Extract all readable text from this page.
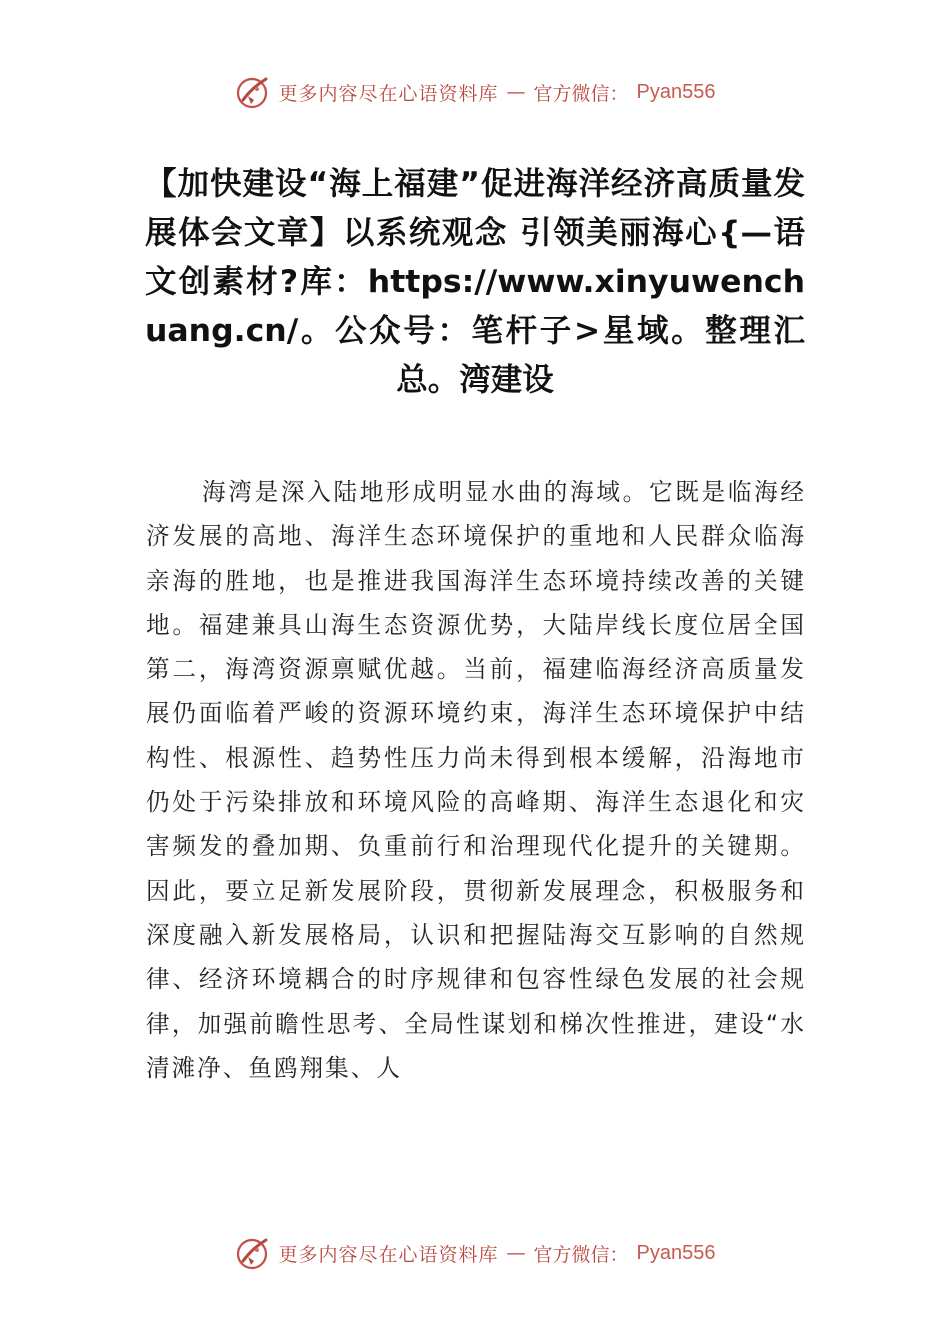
更多内容尽在心语资料库 — 官方微信： Pyan556
【加快建设“海上福建”促进海洋经济高质量发展体会文章】以系统观念 引领美丽海心{—语文创素材?库：https://www.xinyuwenchuang.cn/。公众号：笔杆子>星域。整理汇总。湾建设

海湾是深入陆地形成明显水曲的海域。它既是临海经济发展的高地、海洋生态环境保护的重地和人民群众临海亲海的胜地，也是推进我国海洋生态环境持续改善的关键地。福建兼具山海生态资源优势，大陆岸线长度位居全国第二，海湾资源禀赋优越。当前，福建临海经济高质量发展仍面临着严峻的资源环境约束，海洋生态环境保护中结构性、根源性、趋势性压力尚未得到根本缓解，沿海地市仍处于污染排放和环境风险的高峰期、海洋生态退化和灾害频发的叠加期、负重前行和治理现代化提升的关键期。因此，要立足新发展阶段，贯彻新发展理念，积极服务和深度融入新发展格局，认识和把握陆海交互影响的自然规律、经济环境耦合的时序规律和包容性绿色发展的社会规律，加强前瞻性思考、全局性谋划和梯次性推进，建设“水清滩净、鱼鸥翔集、人

更多内容尽在心语资料库 — 官方微信： Pyan556
